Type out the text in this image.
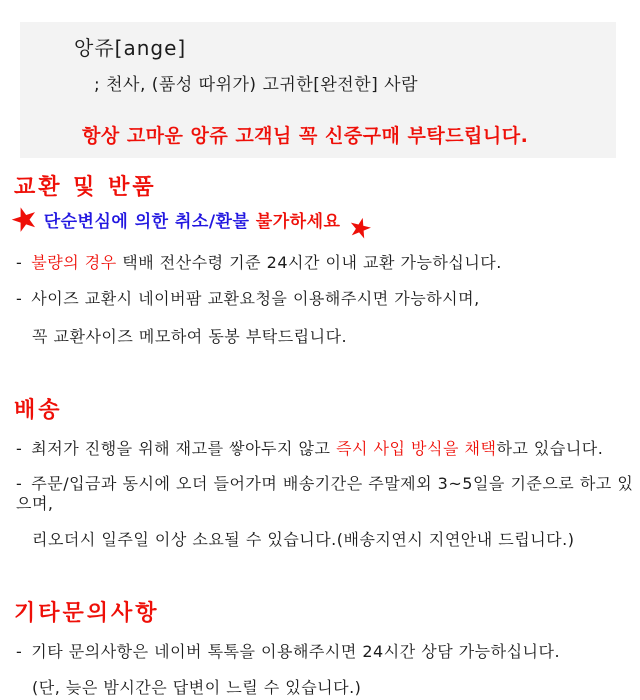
앙쥬[ange]
; 천사, (품성 따위가) 고귀한[완전한] 사람
항상 고마운 앙쥬 고객님 꼭 신중구매 부탁드립니다.
교환 및 반품
★ 단순변심에 의한 취소/환불 불가하세요 ★
- 불량의 경우 택배 전산수령 기준 24시간 이내 교환 가능하십니다.
- 사이즈 교환시 네이버팜 교환요청을 이용해주시면 가능하시며,
꼭 교환사이즈 메모하여 동봉 부탁드립니다.
배송
- 최저가 진행을 위해 재고를 쌓아두지 않고 즉시 사입 방식을 채택하고 있습니다.
- 주문/입금과 동시에 오더 들어가며 배송기간은 주말제외 3~5일을 기준으로 하고 있으며,
리오더시 일주일 이상 소요될 수 있습니다.(배송지연시 지연안내 드립니다.)
기타문의사항
- 기타 문의사항은 네이버 톡톡을 이용해주시면 24시간 상담 가능하십니다.
(단, 늦은 밤시간은 답변이 느릴 수 있습니다.)
